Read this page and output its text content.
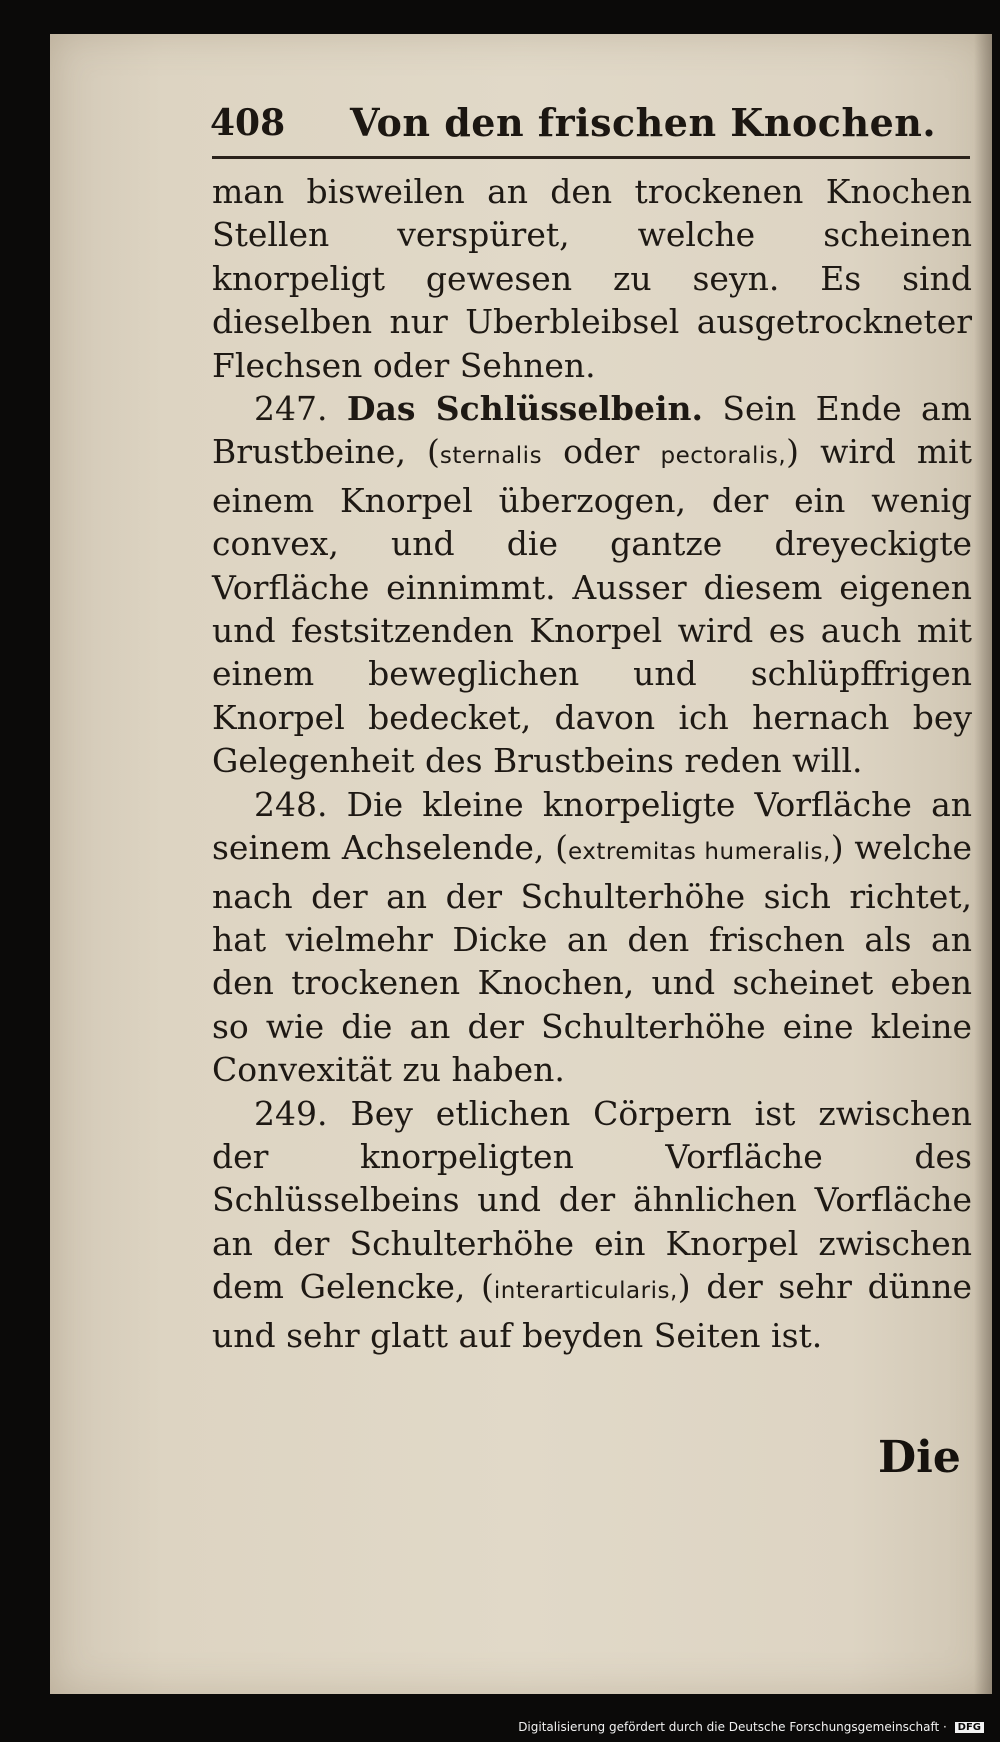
408 Von den frischen Knochen.

man bisweilen an den trockenen Knochen Stellen verspüret, welche scheinen knorpeligt gewesen zu seyn. Es sind dieselben nur Uberbleibsel ausgetrockneter Flechsen oder Sehnen.

247. Das Schlüsselbein. Sein Ende am Brustbeine, (sternalis oder pectoralis,) wird mit einem Knorpel überzogen, der ein wenig convex, und die gantze dreyeckigte Vorfläche einnimmt. Ausser diesem eigenen und festsitzenden Knorpel wird es auch mit einem beweglichen und schlüpffrigen Knorpel bedecket, davon ich hernach bey Gelegenheit des Brustbeins reden will.

248. Die kleine knorpeligte Vorfläche an seinem Achselende, (extremitas humeralis,) welche nach der an der Schulterhöhe sich richtet, hat vielmehr Dicke an den frischen als an den trockenen Knochen, und scheinet eben so wie die an der Schulterhöhe eine kleine Convexität zu haben.

249. Bey etlichen Cörpern ist zwischen der knorpeligten Vorfläche des Schlüsselbeins und der ähnlichen Vorfläche an der Schulterhöhe ein Knorpel zwischen dem Gelencke, (interarticularis,) der sehr dünne und sehr glatt auf beyden Seiten ist.

Die
Digitalisierung gefördert durch die Deutsche Forschungsgemeinschaft · DFG
